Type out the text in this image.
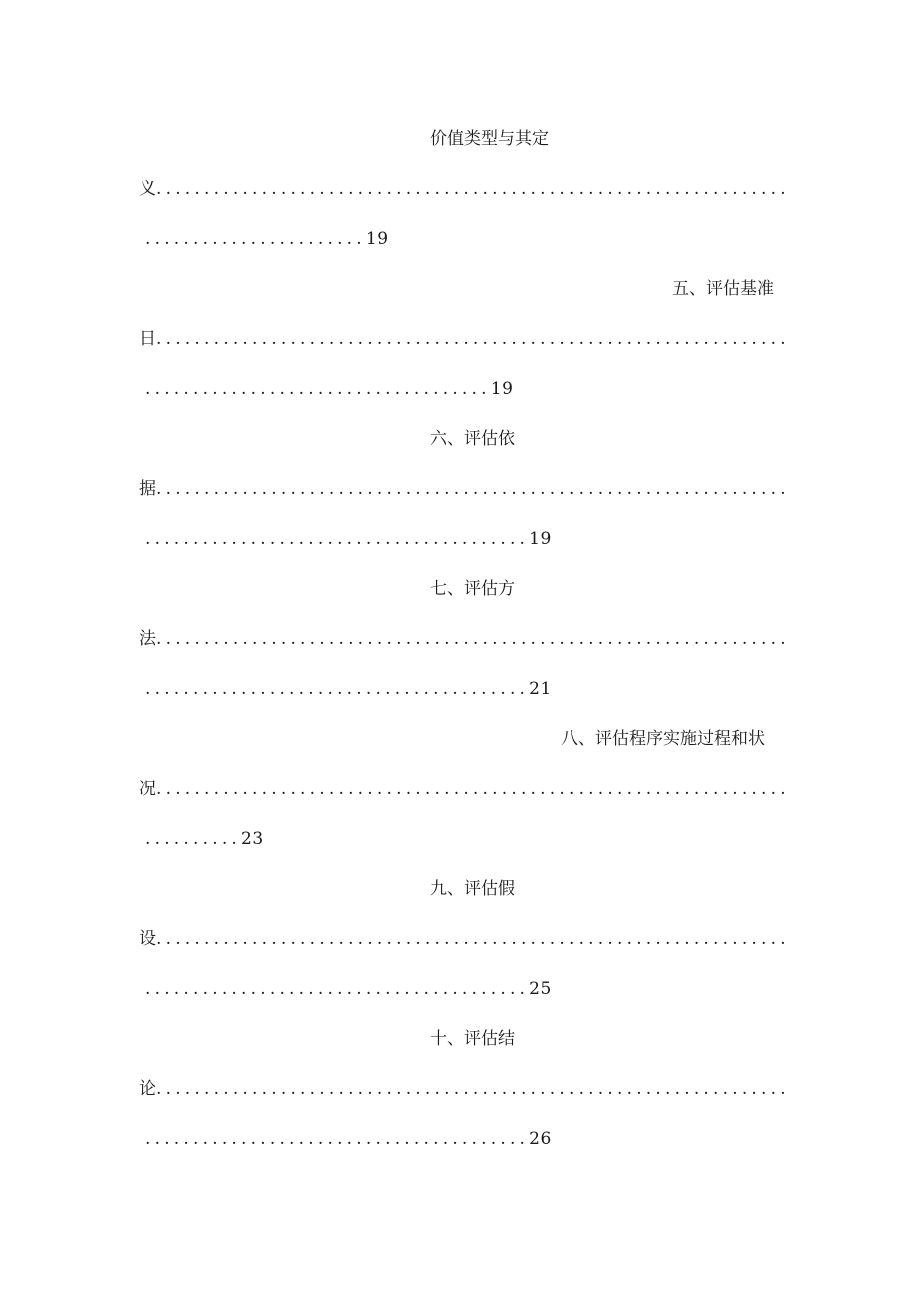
价值类型与其定
义..................................................................
.......................19
五、评估基准
日..................................................................
....................................19
六、评估依
据..................................................................
........................................19
七、评估方
法..................................................................
........................................21
八、评估程序实施过程和状
况..................................................................
..........23
九、评估假
设..................................................................
........................................25
十、评估结
论..................................................................
........................................26
